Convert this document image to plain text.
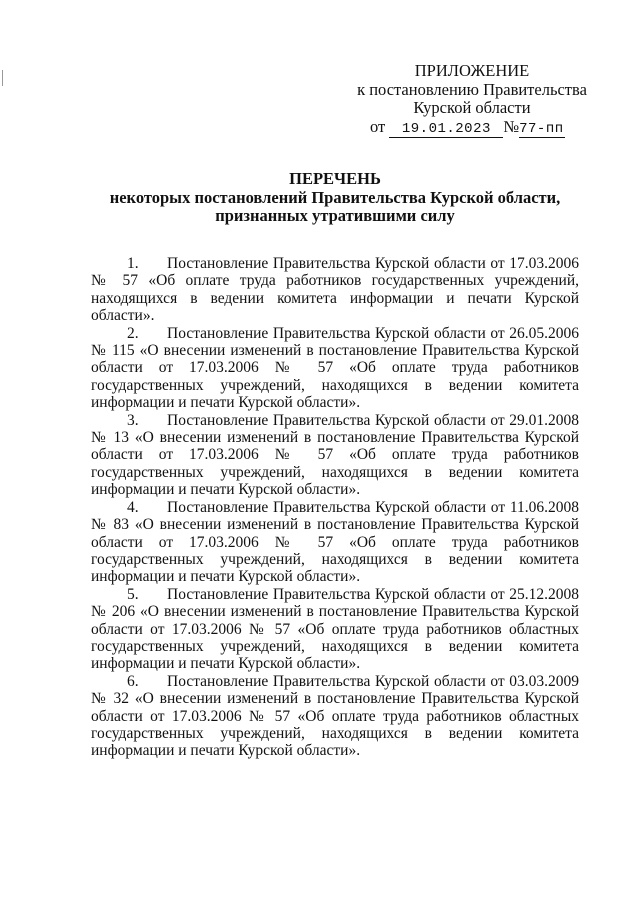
ПРИЛОЖЕНИЕ
к постановлению Правительства
Курской области
от 19.01.2023 №77-пп
ПЕРЕЧЕНЬ
некоторых постановлений Правительства Курской области,
признанных утратившими силу

1. Постановление Правительства Курской области от 17.03.2006 № 57 «Об оплате труда работников государственных учреждений, находящихся в ведении комитета информации и печати Курской области».

2. Постановление Правительства Курской области от 26.05.2006 № 115 «О внесении изменений в постановление Правительства Курской области от 17.03.2006 № 57 «Об оплате труда работников государственных учреждений, находящихся в ведении комитета информации и печати Курской области».

3. Постановление Правительства Курской области от 29.01.2008 № 13 «О внесении изменений в постановление Правительства Курской области от 17.03.2006 № 57 «Об оплате труда работников государственных учреждений, находящихся в ведении комитета информации и печати Курской области».

4. Постановление Правительства Курской области от 11.06.2008 № 83 «О внесении изменений в постановление Правительства Курской области от 17.03.2006 № 57 «Об оплате труда работников государственных учреждений, находящихся в ведении комитета информации и печати Курской области».

5. Постановление Правительства Курской области от 25.12.2008 № 206 «О внесении изменений в постановление Правительства Курской области от 17.03.2006 № 57 «Об оплате труда работников областных государственных учреждений, находящихся в ведении комитета информации и печати Курской области».

6. Постановление Правительства Курской области от 03.03.2009 № 32 «О внесении изменений в постановление Правительства Курской области от 17.03.2006 № 57 «Об оплате труда работников областных государственных учреждений, находящихся в ведении комитета информации и печати Курской области».
